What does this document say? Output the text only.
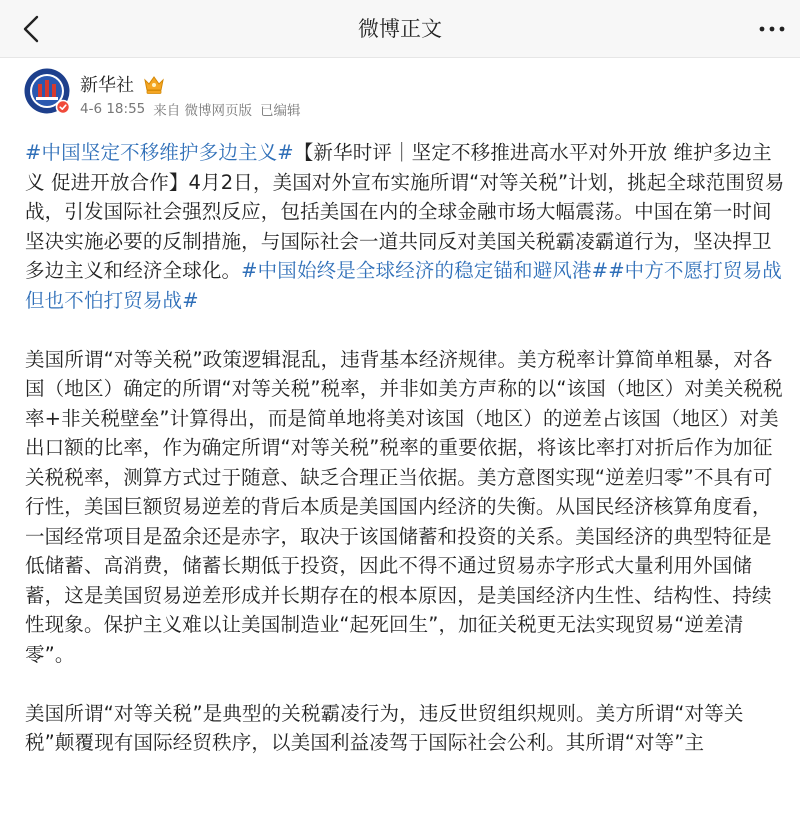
微博正文
新华社
4-6 18:55 来自 微博网页版 已编辑

#中国坚定不移维护多边主义#【新华时评｜坚定不移推进高水平对外开放 维护多边主义 促进开放合作】4月2日，美国对外宣布实施所谓“对等关税”计划，挑起全球范围贸易战，引发国际社会强烈反应，包括美国在内的全球金融市场大幅震荡。中国在第一时间坚决实施必要的反制措施，与国际社会一道共同反对美国关税霸凌霸道行为，坚决捍卫多边主义和经济全球化。#中国始终是全球经济的稳定锚和避风港##中方不愿打贸易战但也不怕打贸易战#

美国所谓“对等关税”政策逻辑混乱，违背基本经济规律。美方税率计算简单粗暴，对各国（地区）确定的所谓“对等关税”税率，并非如美方声称的以“该国（地区）对美关税税率+非关税壁垒”计算得出，而是简单地将美对该国（地区）的逆差占该国（地区）对美出口额的比率，作为确定所谓“对等关税”税率的重要依据，将该比率打对折后作为加征关税税率，测算方式过于随意、缺乏合理正当依据。美方意图实现“逆差归零”不具有可行性，美国巨额贸易逆差的背后本质是美国国内经济的失衡。从国民经济核算角度看，一国经常项目是盈余还是赤字，取决于该国储蓄和投资的关系。美国经济的典型特征是低储蓄、高消费，储蓄长期低于投资，因此不得不通过贸易赤字形式大量利用外国储蓄，这是美国贸易逆差形成并长期存在的根本原因，是美国经济内生性、结构性、持续性现象。保护主义难以让美国制造业“起死回生”，加征关税更无法实现贸易“逆差清零”。

美国所谓“对等关税”是典型的关税霸凌行为，违反世贸组织规则。美方所谓“对等关税”颠覆现有国际经贸秩序，以美国利益凌驾于国际社会公利。其所谓“对等”主
